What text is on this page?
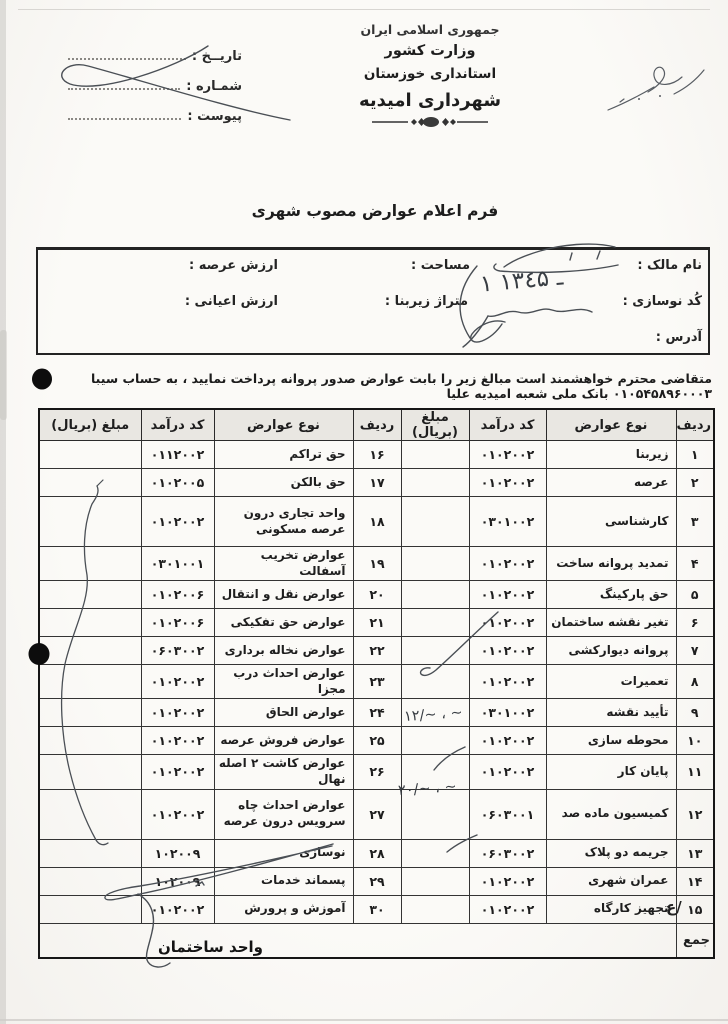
تاریــخ :
شمـاره :
پیوست :
جمهوری اسلامی ایران
وزارت کشور
استانداری خوزستان
شهرداری امیدیه
فرم اعلام عوارض مصوب شهری
نام مالک :
مساحت :
ارزش عرصه :
کُد نوسازی :
متراژ زیربنا :
ارزش اعیانی :
آدرس :
متقاضی محترم خواهشمند است مبالغ زیر را بابت عوارض صدور پروانه پرداخت نمایید ، به حساب سیبا ۰۱۰۵۴۵۸۹۶۰۰۰۳ بانک ملی شعبه امیدیه علیا
ردیف	نوع عوارض	کد درآمد	مبلغ (بریال)	ردیف	نوع عوارض	کد درآمد	مبلغ (بریال)
۱	زیربنا	۰۱۰۲۰۰۲		۱۶	حق تراکم	۰۱۱۲۰۰۲	
۲	عرصه	۰۱۰۲۰۰۲		۱۷	حق بالکن	۰۱۰۲۰۰۵	
۳	کارشناسی	۰۳۰۱۰۰۲		۱۸	واحد تجاری درون عرصه مسکونی	۰۱۰۲۰۰۲	
۴	تمدید پروانه ساخت	۰۱۰۲۰۰۲		۱۹	عوارض تخریب آسفالت	۰۳۰۱۰۰۱	
۵	حق پارکینگ	۰۱۰۲۰۰۲		۲۰	عوارض نقل و انتقال	۰۱۰۲۰۰۶	
۶	تغیر نقشه ساختمان	۰۱۰۲۰۰۲		۲۱	عوارض حق تفکیکی	۰۱۰۲۰۰۶	
۷	پروانه دیوارکشی	۰۱۰۲۰۰۲		۲۲	عوارض نخاله برداری	۰۶۰۳۰۰۲	
۸	تعمیرات	۰۱۰۲۰۰۲		۲۳	عوارض احداث درب مجزا	۰۱۰۲۰۰۲	
۹	تأیید نقشه	۰۳۰۱۰۰۲		۲۴	عوارض الحاق	۰۱۰۲۰۰۲	
۱۰	محوطه سازی	۰۱۰۲۰۰۲		۲۵	عوارض فروش عرصه	۰۱۰۲۰۰۲	
۱۱	پایان کار	۰۱۰۲۰۰۲		۲۶	عوارض کاشت ۲ اصله نهال	۰۱۰۲۰۰۲	
۱۲	کمیسیون ماده صد	۰۶۰۳۰۰۱		۲۷	عوارض احداث چاه سرویس درون عرصه	۰۱۰۲۰۰۲	
۱۳	جریمه دو پلاک	۰۶۰۳۰۰۲		۲۸	نوسازی	۱۰۲۰۰۹	
۱۴	عمران شهری	۰۱۰۲۰۰۲		۲۹	پسماند خدمات	۱۰۲۰۰۹	
۱۵	تجهیز کارگاه	۰۱۰۲۰۰۲		۳۰	آموزش و پرورش	۰۱۰۲۰۰۲	
جمع							
۱ ـ ۱۳٤۵
۱۲/~ ، ~
۲۰/~ ، ~
ع/
واحد ساختمان
